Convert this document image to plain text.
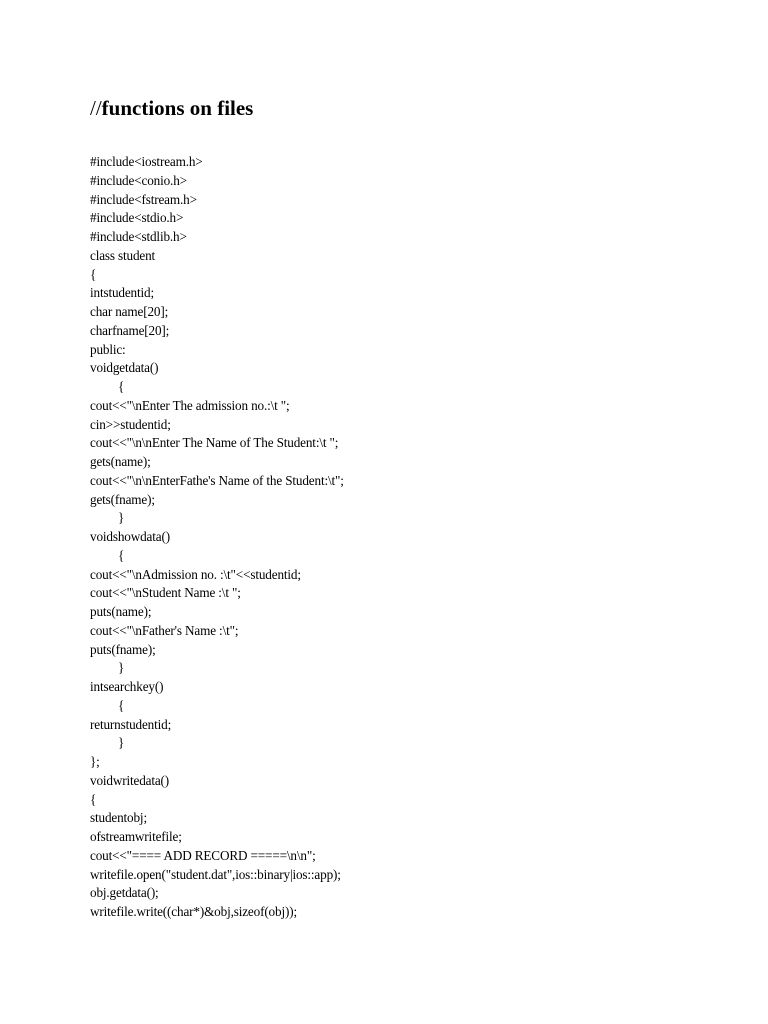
//functions on files
#include<iostream.h>
#include<conio.h>
#include<fstream.h>
#include<stdio.h>
#include<stdlib.h>
class student
{
intstudentid;
char name[20];
charfname[20];
public:
voidgetdata()
{
cout<<"\nEnter The admission no.:\t ";
cin>>studentid;
cout<<"\n\nEnter The Name of The Student:\t ";
gets(name);
cout<<"\n\nEnterFathe's Name of the Student:\t";
gets(fname);
}
voidshowdata()
{
cout<<"\nAdmission no. :\t"<<studentid;
cout<<"\nStudent Name :\t ";
puts(name);
cout<<"\nFather's Name :\t";
puts(fname);
}
intsearchkey()
{
returnstudentid;
}
};
voidwritedata()
{
studentobj;
ofstreamwritefile;
cout<<"==== ADD RECORD =====\n\n";
writefile.open("student.dat",ios::binary|ios::app);
obj.getdata();
writefile.write((char*)&obj,sizeof(obj));
